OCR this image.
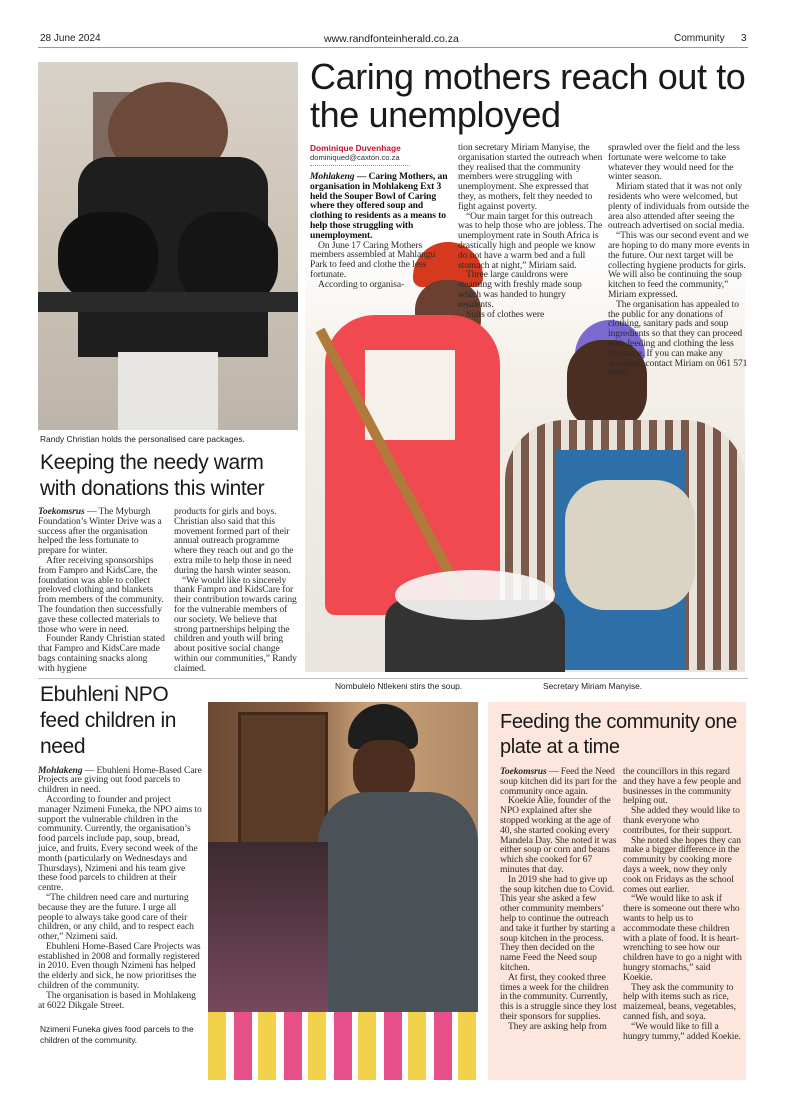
28 June 2024	www.randfonteinherald.co.za	Community 3
Randy Christian holds the personalised care packages.
Caring mothers reach out to the unemployed
Dominique Duvenhage
dominiqued@caxton.co.za

Mohlakeng — Caring Mothers, an organisation in Mohlakeng Ext 3 held the Souper Bowl of Caring where they offered soup and clothing to residents as a means to help those struggling with unemployment.

On June 17 Caring Mothers members assembled at Mahlangu Park to feed and clothe the less fortunate.

According to organisa-

tion secretary Miriam Manyise, the organisation started the outreach when they realised that the community members were struggling with unemployment. She expressed that they, as mothers, felt they needed to fight against poverty.

“Our main target for this outreach was to help those who are jobless. The unemployment rate in South Africa is drastically high and people we know do not have a warm bed and a full stomach at night,” Miriam said.

Three large cauldrons were steaming with freshly made soup which was handed to hungry residents.

Suits of clothes were

sprawled over the field and the less fortunate were welcome to take whatever they would need for the winter season.

Miriam stated that it was not only residents who were welcomed, but plenty of individuals from outside the area also attended after seeing the outreach advertised on social media.

“This was our second event and we are hoping to do many more events in the future. Our next target will be collecting hygiene products for girls. We will also be continuing the soup kitchen to feed the community,” Miriam expressed.

The organisation has appealed to the public for any donations of clothing, sanitary pads and soup ingredients so that they can proceed with feeding and clothing the less fortunate. If you can make any donation, contact Miriam on 061 571 0466.

Nombulelo Ntlekeni stirs the soup.	Secretary Miriam Manyise.
Keeping the needy warm with donations this winter

Toekomsrus — The Myburgh Foundation’s Winter Drive was a success after the organisation helped the less fortunate to prepare for winter.

After receiving sponsorships from Fampro and KidsCare, the foundation was able to collect preloved clothing and blankets from members of the community. The foundation then successfully gave these collected materials to those who were in need.

Founder Randy Christian stated that Fampro and KidsCare made bags containing snacks along with hygiene

products for girls and boys. Christian also said that this movement formed part of their annual outreach programme where they reach out and go the extra mile to help those in need during the harsh winter season.

“We would like to sincerely thank Fampro and KidsCare for their contribution towards caring for the vulnerable members of our society. We believe that strong partnerships helping the children and youth will bring about positive social change within our communities,” Randy claimed.

Ebuhleni NPO feed children in need

Mohlakeng — Ebuhleni Home-Based Care Projects are giving out food parcels to children in need.

According to founder and project manager Nzimeni Funeka, the NPO aims to support the vulnerable children in the community. Currently, the organisation’s food parcels include pap, soup, bread, juice, and fruits. Every second week of the month (particularly on Wednesdays and Thursdays), Nzimeni and his team give these food parcels to children at their centre.

“The children need care and nurturing because they are the future. I urge all people to always take good care of their children, or any child, and to respect each other,” Nzimeni said.

Ebuhleni Home-Based Care Projects was established in 2008 and formally registered in 2010. Even though Nzimeni has helped the elderly and sick, he now prioritises the children of the community.

The organisation is based in Mohlakeng at 6022 Dikgale Street.

Nzimeni Funeka gives food parcels to the children of the community.
Feeding the community one plate at a time

Toekomsrus — Feed the Need soup kitchen did its part for the community once again.

Koekie Alie, founder of the NPO explained after she stopped working at the age of 40, she started cooking every Mandela Day. She noted it was either soup or corn and beans which she cooked for 67 minutes that day.

In 2019 she had to give up the soup kitchen due to Covid. This year she asked a few other community members’ help to continue the outreach and take it further by starting a soup kitchen in the process. They then decided on the name Feed the Need soup kitchen.

At first, they cooked three times a week for the children in the community. Currently, this is a struggle since they lost their sponsors for supplies.

They are asking help from

the councillors in this regard and they have a few people and businesses in the community helping out.

She added they would like to thank everyone who contributes, for their support.

She noted she hopes they can make a bigger difference in the community by cooking more days a week, now they only cook on Fridays as the school comes out earlier.

“We would like to ask if there is someone out there who wants to help us to accommodate these children with a plate of food. It is heart-wrenching to see how our children have to go a night with hungry stomachs,” said Koekie.

They ask the community to help with items such as rice, maizemeal, beans, vegetables, canned fish, and soya.

“We would like to fill a hungry tummy,” added Koekie.
